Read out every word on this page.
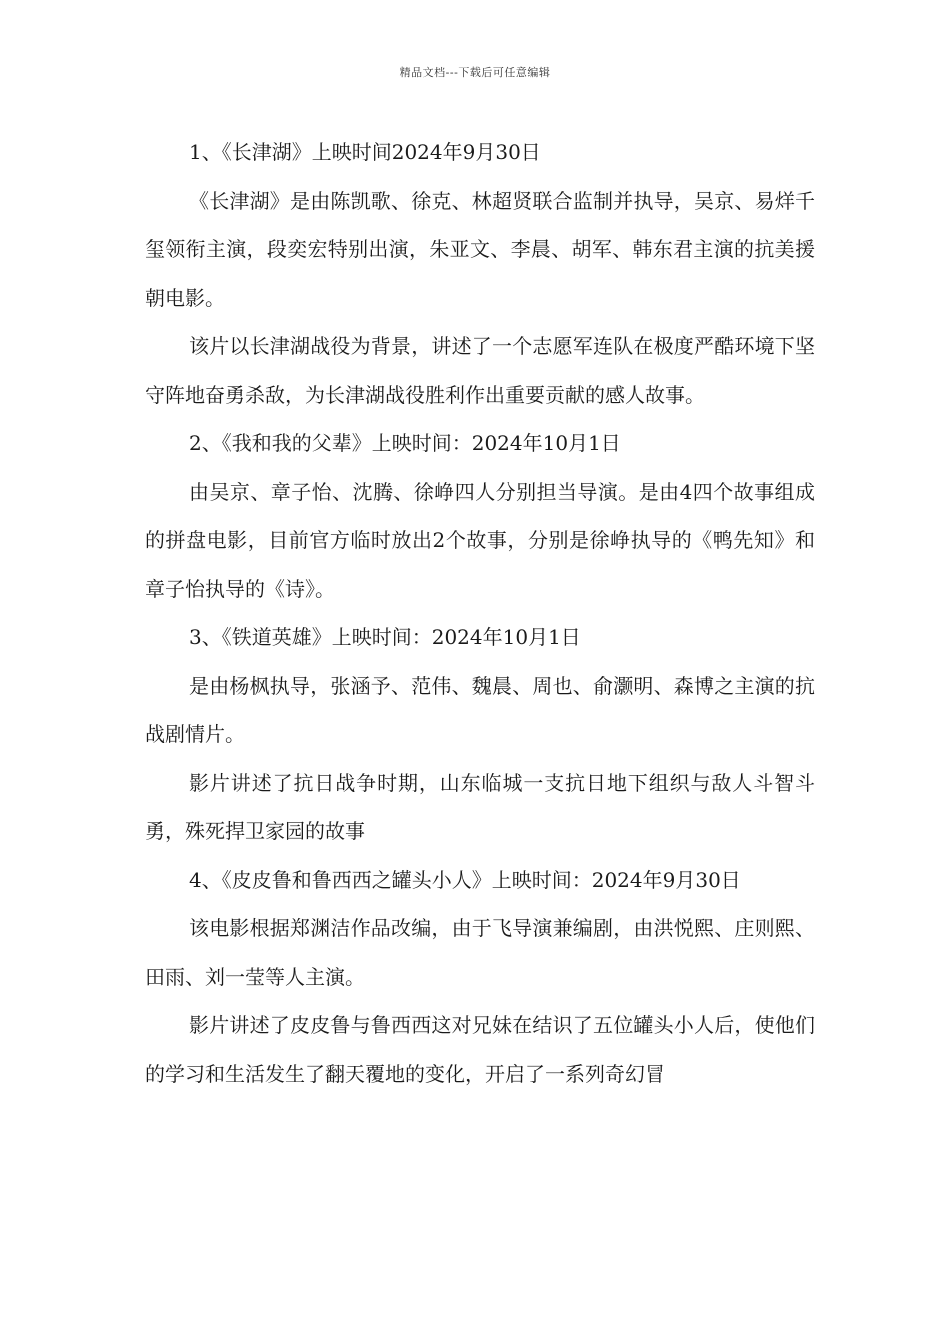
精品文档---下载后可任意编辑

1、《长津湖》上映时间2024年9月30日

《长津湖》是由陈凯歌、徐克、林超贤联合监制并执导，吴京、易烊千玺领衔主演，段奕宏特别出演，朱亚文、李晨、胡军、韩东君主演的抗美援朝电影。

该片以长津湖战役为背景，讲述了一个志愿军连队在极度严酷环境下坚守阵地奋勇杀敌，为长津湖战役胜利作出重要贡献的感人故事。

2、《我和我的父辈》上映时间：2024年10月1日

由吴京、章子怡、沈腾、徐峥四人分别担当导演。是由4四个故事组成的拼盘电影，目前官方临时放出2个故事，分别是徐峥执导的《鸭先知》和章子怡执导的《诗》。

3、《铁道英雄》上映时间：2024年10月1日

是由杨枫执导，张涵予、范伟、魏晨、周也、俞灏明、森博之主演的抗战剧情片。

影片讲述了抗日战争时期，山东临城一支抗日地下组织与敌人斗智斗勇，殊死捍卫家园的故事

4、《皮皮鲁和鲁西西之罐头小人》上映时间：2024年9月30日

该电影根据郑渊洁作品改编，由于飞导演兼编剧，由洪悦熙、庄则熙、田雨、刘一莹等人主演。

影片讲述了皮皮鲁与鲁西西这对兄妹在结识了五位罐头小人后，使他们的学习和生活发生了翻天覆地的变化，开启了一系列奇幻冒
